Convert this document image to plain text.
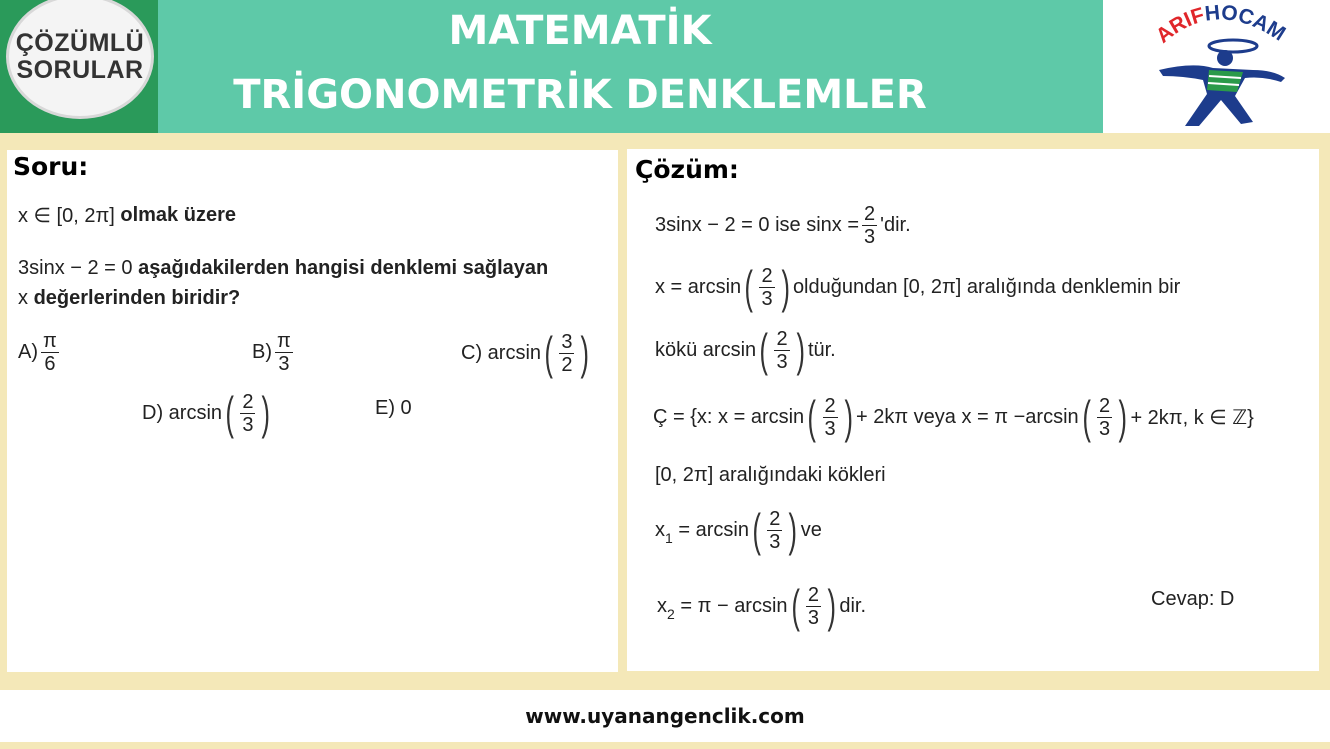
ÇÖZÜMLÜ
SORULAR
MATEMATİK
TRİGONOMETRİK DENKLEMLER
ARIFHOCAM
Soru:
x ∈ [0, 2π]
olmak üzere
3sinx − 2 = 0
aşağıdakilerden hangisi denklemi sağlayan
x
değerlerinden biridir?
$A) \frac{\pi}{6}$	$B) \frac{\pi}{3}$	C) arcsin ( $\frac{3}{2}$ )
D) arcsin ( $\frac{2}{3}$ )	E) 0
Çözüm:
3sinx − 2 = 0 ise $\sin x = \frac{2}{3}$ 'dir.
x = arcsin ( $\frac{2}{3}$ ) olduğundan [0, 2π] aralığında denklemin bir
kökü arcsin ( $\frac{2}{3}$ ) tür.
Ç = {x: x = arcsin ( $\frac{2}{3}$ ) + 2kπ veya x = π −arcsin ( $\frac{2}{3}$ ) + 2kπ, k ∈ ℤ}
[0, 2π] aralığındaki kökleri
x 1
= arcsin ( $\frac{2}{3}$ ) ve
x 2
= π − arcsin ( $\frac{2}{3}$ ) dir.	Cevap: D
www.uyanangenclik.com
